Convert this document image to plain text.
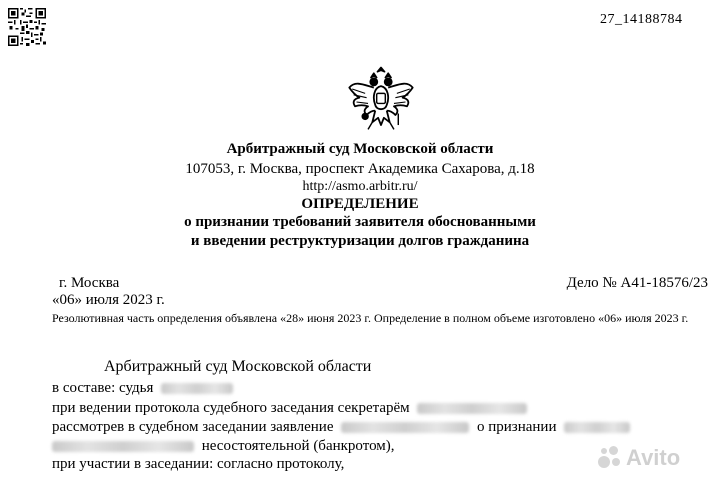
27_14188784
Арбитражный суд Московской области
107053, г. Москва, проспект Академика Сахарова, д.18
http://asmo.arbitr.ru/
ОПРЕДЕЛЕНИЕ
о признании требований заявителя обоснованными
и введении реструктуризации долгов гражданина
г. Москва	Дело № А41-18576/23
«06» июля 2023 г.
Резолютивная часть определения объявлена «28» июня 2023 г. Определение в полном объеме изготовлено «06» июля 2023 г.
Арбитражный суд Московской области
в составе: судья
при ведении протокола судебного заседания секретарём
рассмотрев в судебном заседании заявление	о признании
несостоятельной (банкротом),
при участии в заседании: согласно протоколу,	Avito
